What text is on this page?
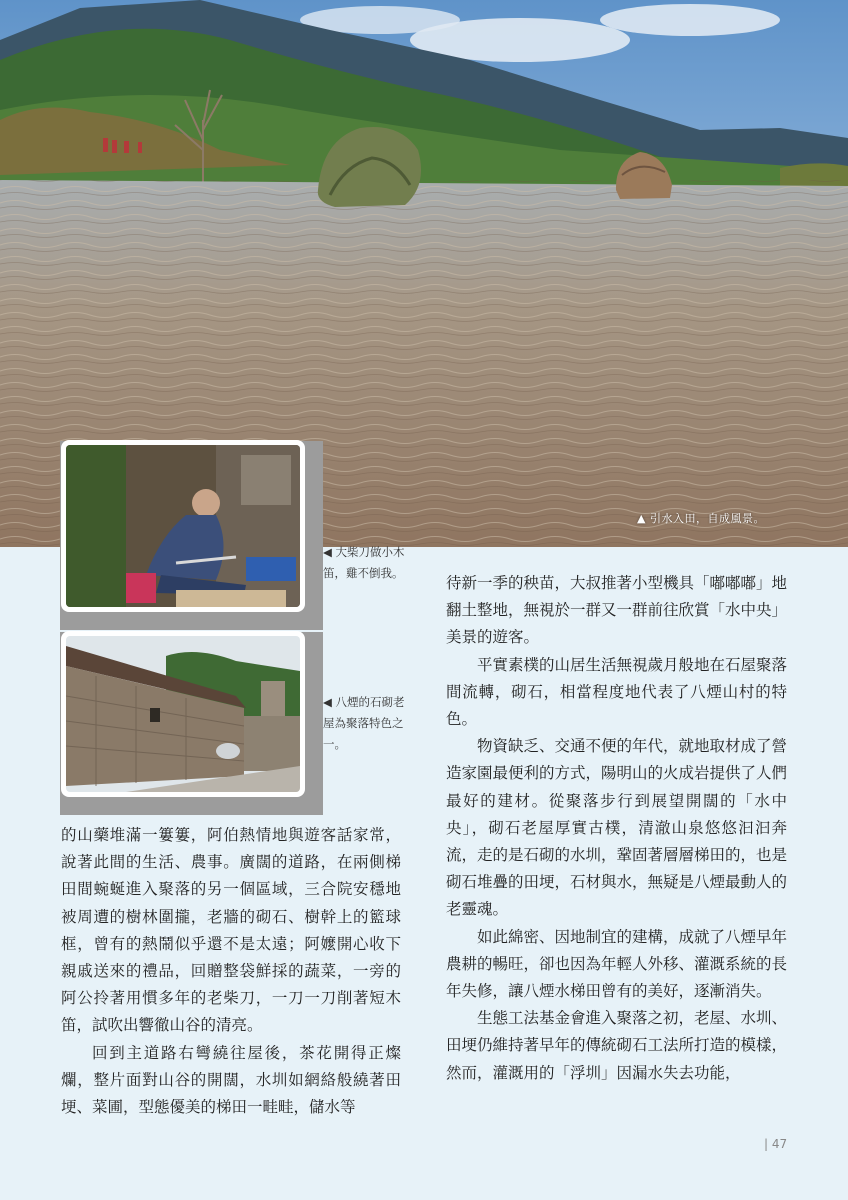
▲ 引水入田，自成風景。
◀ 大柴刀做小木笛，雞不倒我。
◀ 八煙的石砌老屋為聚落特色之一。

的山藥堆滿一簍簍，阿伯熱情地與遊客話家常，說著此間的生活、農事。廣闊的道路，在兩側梯田間蜿蜒進入聚落的另一個區域，三合院安穩地被周遭的樹林圍攏，老牆的砌石、樹幹上的籃球框，曾有的熱鬧似乎還不是太遠；阿嬤開心收下親戚送來的禮品，回贈整袋鮮採的蔬菜，一旁的阿公拎著用慣多年的老柴刀，一刀一刀削著短木笛，試吹出響徹山谷的清亮。

回到主道路右彎繞往屋後，茶花開得正燦爛，整片面對山谷的開闊，水圳如網絡般繞著田埂、菜圃，型態優美的梯田一畦畦，儲水等

待新一季的秧苗，大叔推著小型機具「嘟嘟嘟」地翻土整地，無視於一群又一群前往欣賞「水中央」美景的遊客。

平實素樸的山居生活無視歲月般地在石屋聚落間流轉，砌石，相當程度地代表了八煙山村的特色。

物資缺乏、交通不便的年代，就地取材成了營造家園最便利的方式，陽明山的火成岩提供了人們最好的建材。從聚落步行到展望開闊的「水中央」，砌石老屋厚實古樸，清澈山泉悠悠汩汩奔流，走的是石砌的水圳，鞏固著層層梯田的，也是砌石堆疊的田埂，石材與水，無疑是八煙最動人的老靈魂。

如此綿密、因地制宜的建構，成就了八煙早年農耕的暢旺，卻也因為年輕人外移、灌溉系統的長年失修，讓八煙水梯田曾有的美好，逐漸消失。

生態工法基金會進入聚落之初，老屋、水圳、田埂仍維持著早年的傳統砌石工法所打造的模樣，然而，灌溉用的「浮圳」因漏水失去功能，

| 47
